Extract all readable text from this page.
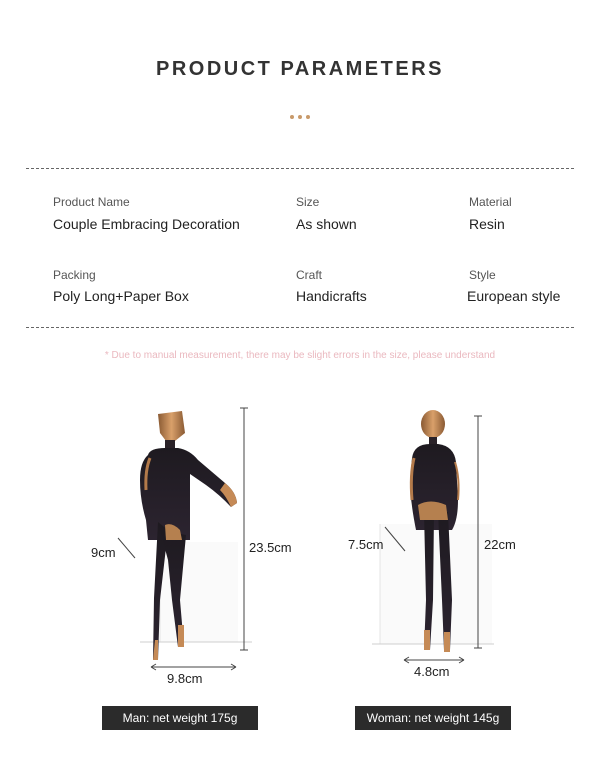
PRODUCT PARAMETERS
Product Name
Couple Embracing Decoration
Size
As shown
Material
Resin
Packing
Poly Long+Paper Box
Craft
Handicrafts
Style
European style
* Due to manual measurement, there may be slight errors in the size, please understand
9cm	23.5cm
9.8cm
7.5cm	22cm
4.8cm
Man: net weight 175g	Woman: net weight 145g
